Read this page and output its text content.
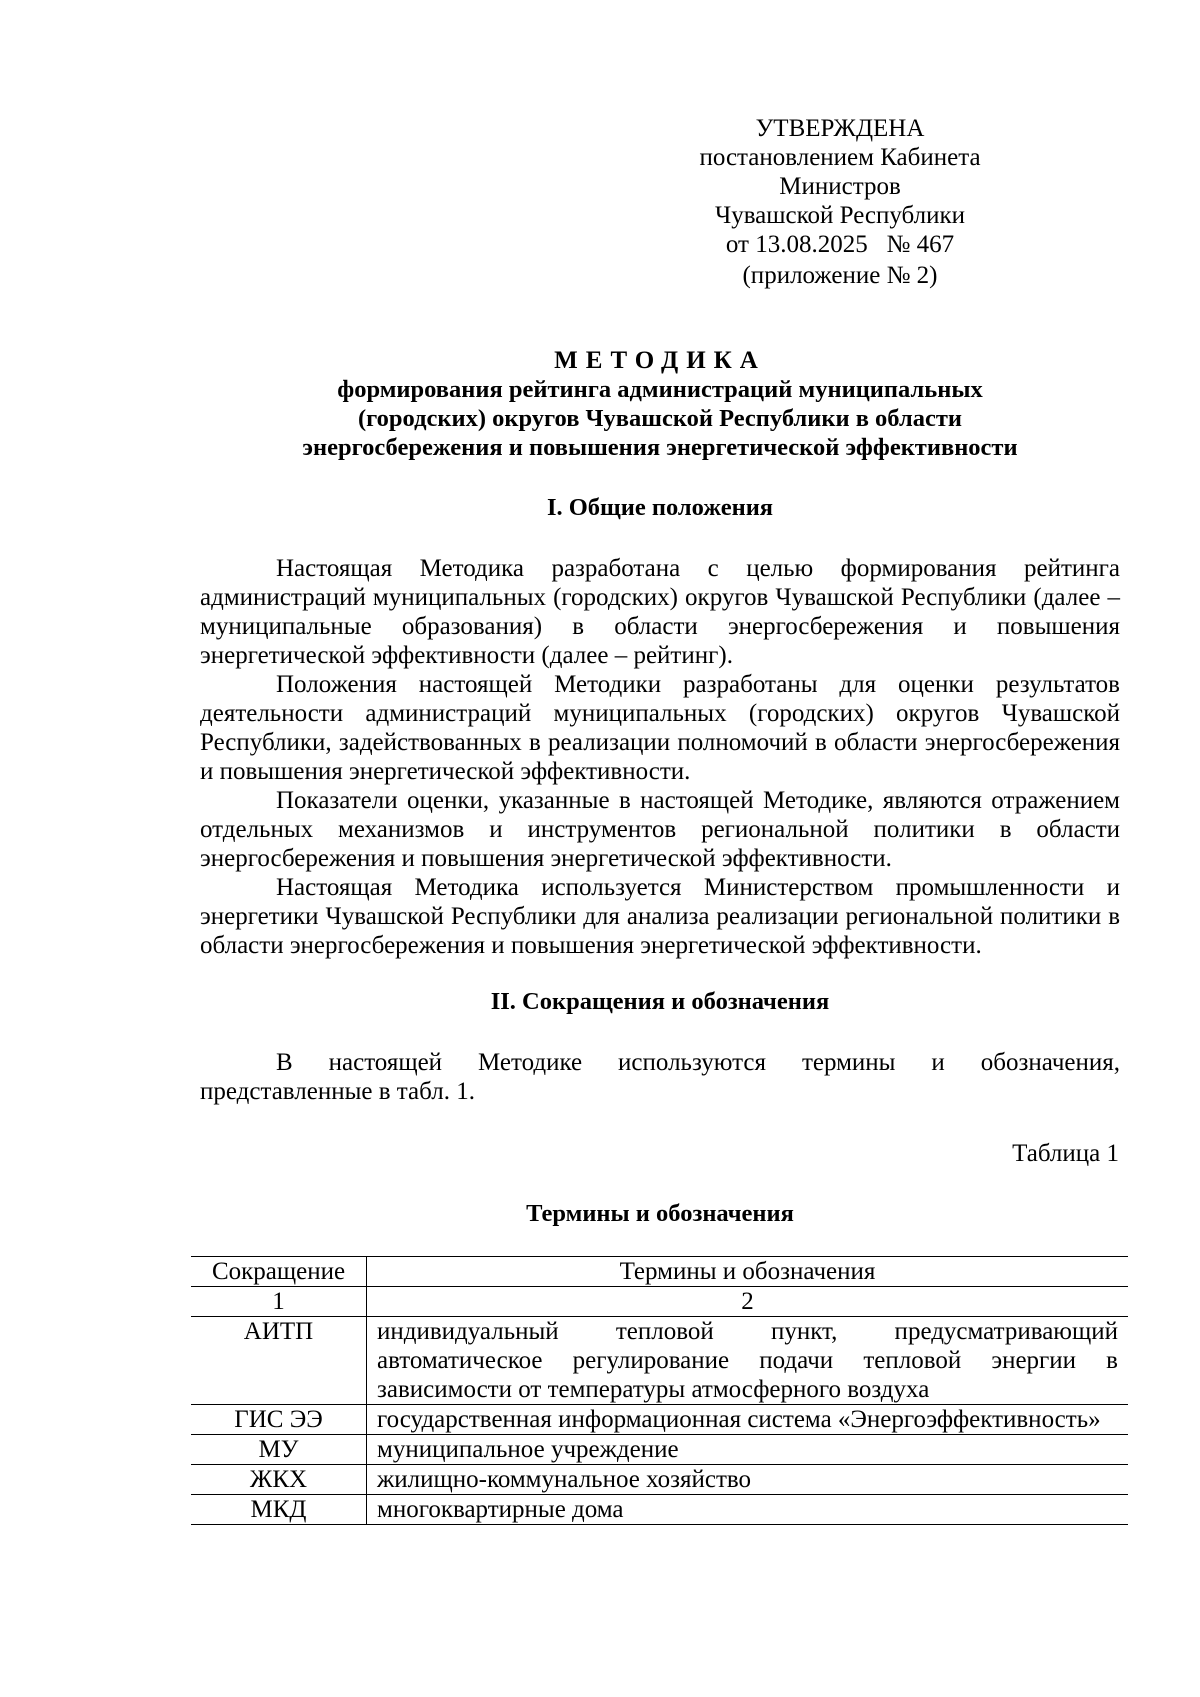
УТВЕРЖДЕНА
постановлением Кабинета Министров
Чувашской Республики
от 13.08.2025   № 467
(приложение № 2)
МЕТОДИКА
формирования рейтинга администраций муниципальных
(городских) округов Чувашской Республики в области
энергосбережения и повышения энергетической эффективности
I. Общие положения

Настоящая Методика разработана с целью формирования рейтинга администраций муниципальных (городских) округов Чувашской Республики (далее – муниципальные образования) в области энергосбережения и повышения энергетической эффективности (далее – рейтинг).

Положения настоящей Методики разработаны для оценки результатов деятельности администраций муниципальных (городских) округов Чувашской Республики, задействованных в реализации полномочий в области энергосбережения и повышения энергетической эффективности.

Показатели оценки, указанные в настоящей Методике, являются отражением отдельных механизмов и инструментов региональной политики в области энергосбережения и повышения энергетической эффективности.

Настоящая Методика используется Министерством промышленности и энергетики Чувашской Республики для анализа реализации региональной политики в области энергосбережения и повышения энергетической эффективности.

II. Сокращения и обозначения

В настоящей Методике используются термины и обозначения, представленные в табл. 1.

Таблица 1
Термины и обозначения
Сокращение	Термины и обозначения
1	2
АИТП	индивидуальный тепловой пункт, предусматривающий автоматическое регулирование подачи тепловой энергии в зависимости от температуры атмосферного воздуха
ГИС ЭЭ	государственная информационная система «Энергоэффективность»
МУ	муниципальное учреждение
ЖКХ	жилищно-коммунальное хозяйство
МКД	многоквартирные дома
